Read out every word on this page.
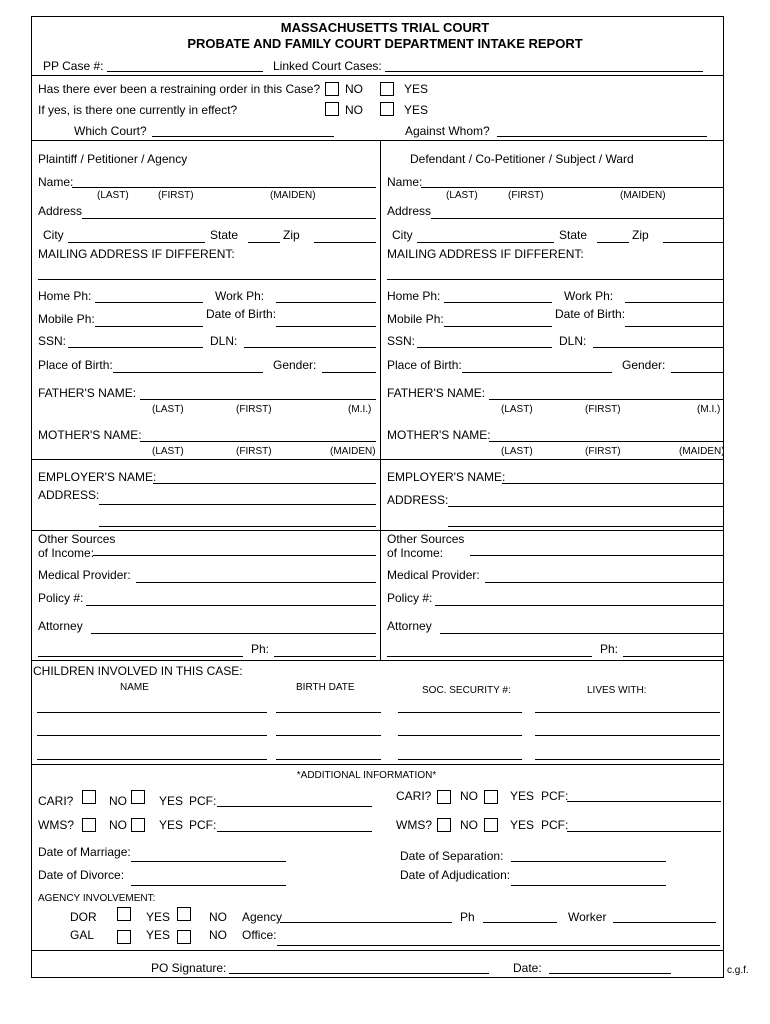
MASSACHUSETTS TRIAL COURT
PROBATE AND FAMILY COURT DEPARTMENT INTAKE REPORT
PP Case #:	Linked Court Cases:
Has there ever been a restraining order in this Case? NO	YES
If yes, is there one currently in effect?	NO	YES
Which Court?	Against Whom?
Plaintiff / Petitioner / Agency
Name:
(LAST)	(FIRST)	(MAIDEN)
Address
City	State	Zip
MAILING ADDRESS IF DIFFERENT:
Home Ph:	Work Ph:
Mobile Ph:	Date of Birth:
SSN:	DLN:
Place of Birth:	Gender:
FATHER'S NAME:
(LAST)	(FIRST)	(M.I.)
MOTHER'S NAME:
(LAST)	(FIRST)	(MAIDEN)
EMPLOYER'S NAME:
ADDRESS:
Other Sources
of Income:
Medical Provider:
Policy #:
Attorney
Ph:
Defendant / Co-Petitioner / Subject / Ward
Name:
(LAST)	(FIRST)	(MAIDEN)
Address
City	State	Zip
MAILING ADDRESS IF DIFFERENT:
Home Ph:	Work Ph:
Mobile Ph:	Date of Birth:
SSN:	DLN:
Place of Birth:	Gender:
FATHER'S NAME:
(LAST)	(FIRST)	(M.I.)
MOTHER'S NAME:
(LAST)	(FIRST)	(MAIDEN)
EMPLOYER'S NAME:
ADDRESS:
Other Sources
of Income:
Medical Provider:
Policy #:
Attorney
Ph:
CHILDREN INVOLVED IN THIS CASE:
NAME	BIRTH DATE	SOC. SECURITY #:	LIVES WITH:
*ADDITIONAL INFORMATION*
CARI?	NO	YES PCF:	CARI? NO	YES PCF:
WMS?	NO	YES PCF:	WMS? NO	YES PCF:
Date of Marriage:	Date of Separation:
Date of Divorce:	Date of Adjudication:
AGENCY INVOLVEMENT:
DOR	YES	NO Agency	Ph	Worker
GAL	YES	NO Office:
PO Signature:	Date:	c.g.f.
